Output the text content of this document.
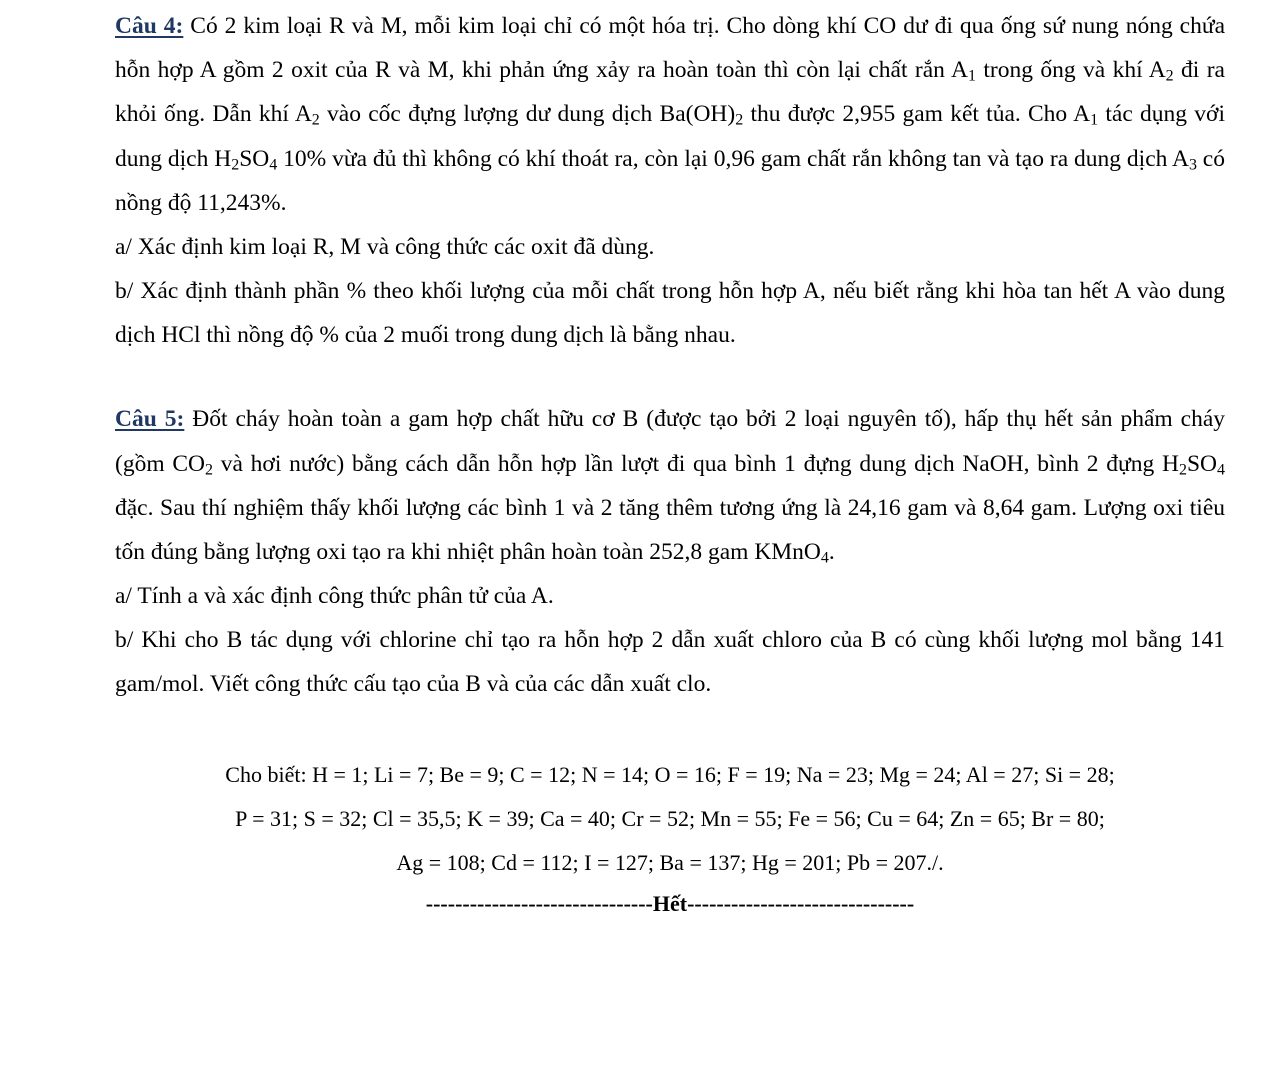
Câu 4: Có 2 kim loại R và M, mỗi kim loại chỉ có một hóa trị. Cho dòng khí CO dư đi qua ống sứ nung nóng chứa hỗn hợp A gồm 2 oxit của R và M, khi phản ứng xảy ra hoàn toàn thì còn lại chất rắn $A_1$ trong ống và khí $A_2$ đi ra khỏi ống. Dẫn khí $A_2$ vào cốc đựng lượng dư dung dịch $Ba(OH)_2$ thu được 2,955 gam kết tủa. Cho $A_1$ tác dụng với dung dịch $H_2SO_4$ 10% vừa đủ thì không có khí thoát ra, còn lại 0,96 gam chất rắn không tan và tạo ra dung dịch $A_3$ có nồng độ 11,243%.

a/ Xác định kim loại R, M và công thức các oxit đã dùng.

b/ Xác định thành phần % theo khối lượng của mỗi chất trong hỗn hợp A, nếu biết rằng khi hòa tan hết A vào dung dịch HCl thì nồng độ % của 2 muối trong dung dịch là bằng nhau.

Câu 5: Đốt cháy hoàn toàn a gam hợp chất hữu cơ B (được tạo bởi 2 loại nguyên tố), hấp thụ hết sản phẩm cháy (gồm $CO_2$ và hơi nước) bằng cách dẫn hỗn hợp lần lượt đi qua bình 1 đựng dung dịch NaOH, bình 2 đựng $H_2SO_4$ đặc. Sau thí nghiệm thấy khối lượng các bình 1 và 2 tăng thêm tương ứng là 24,16 gam và 8,64 gam. Lượng oxi tiêu tốn đúng bằng lượng oxi tạo ra khi nhiệt phân hoàn toàn 252,8 gam KMnO$_4$.

a/ Tính a và xác định công thức phân tử của A.

b/ Khi cho B tác dụng với chlorine chỉ tạo ra hỗn hợp 2 dẫn xuất chloro của B có cùng khối lượng mol bằng 141 gam/mol. Viết công thức cấu tạo của B và của các dẫn xuất clo.

Cho biết: H = 1; Li = 7; Be = 9; C = 12; N = 14; O = 16; F = 19; Na = 23; Mg = 24; Al = 27; Si = 28;
P = 31; S = 32; Cl = 35,5; K = 39; Ca = 40; Cr = 52; Mn = 55; Fe = 56; Cu = 64; Zn = 65; Br = 80;
Ag = 108; Cd = 112; I = 127; Ba = 137; Hg = 201; Pb = 207./.
-------------------------------Hết-------------------------------
